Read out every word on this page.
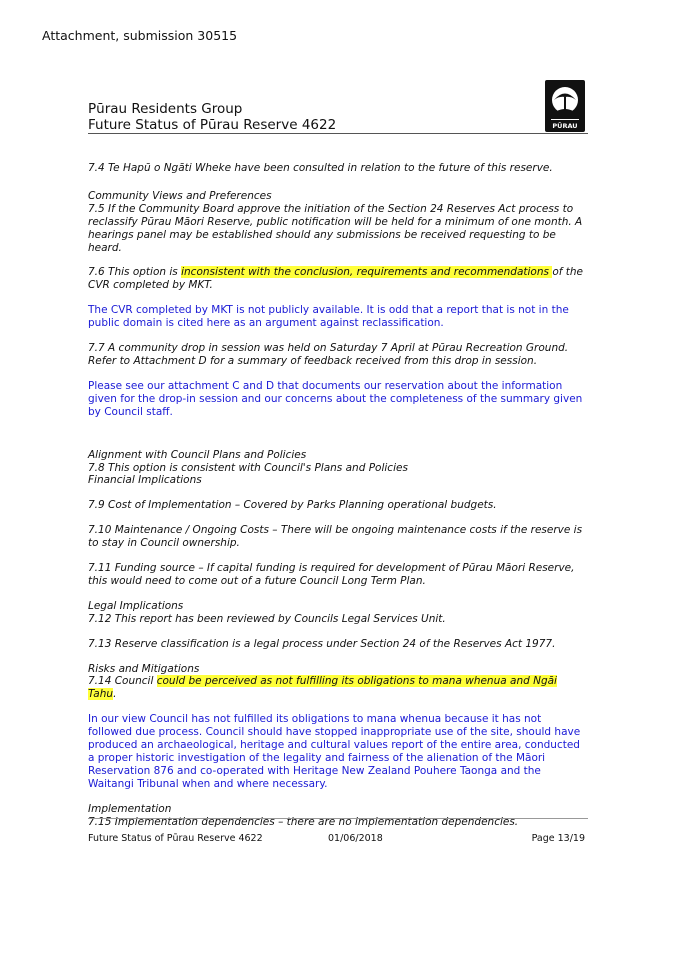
Attachment, submission 30515
Pūrau Residents Group
Future Status of Pūrau Reserve 4622	PŪRAU

7.4 Te Hapū o Ngāti Wheke have been consulted in relation to the future of this reserve.

Community Views and Preferences

7.5 If the Community Board approve the initiation of the Section 24 Reserves Act process to reclassify Pūrau Māori Reserve, public notification will be held for a minimum of one month. A hearings panel may be established should any submissions be received requesting to be heard.

7.6 This option is inconsistent with the conclusion, requirements and recommendations of the CVR completed by MKT.

The CVR completed by MKT is not publicly available. It is odd that a report that is not in the public domain is cited here as an argument against reclassification.

7.7 A community drop in session was held on Saturday 7 April at Pūrau Recreation Ground. Refer to Attachment D for a summary of feedback received from this drop in session.

Please see our attachment C and D that documents our reservation about the information given for the drop-in session and our concerns about the completeness of the summary given by Council staff.

Alignment with Council Plans and Policies

7.8 This option is consistent with Council's Plans and Policies

Financial Implications

7.9 Cost of Implementation – Covered by Parks Planning operational budgets.

7.10 Maintenance / Ongoing Costs – There will be ongoing maintenance costs if the reserve is to stay in Council ownership.

7.11 Funding source – If capital funding is required for development of Pūrau Māori Reserve, this would need to come out of a future Council Long Term Plan.

Legal Implications

7.12 This report has been reviewed by Councils Legal Services Unit.

7.13 Reserve classification is a legal process under Section 24 of the Reserves Act 1977.

Risks and Mitigations

7.14 Council could be perceived as not fulfilling its obligations to mana whenua and Ngāi Tahu.

In our view Council has not fulfilled its obligations to mana whenua because it has not followed due process. Council should have stopped inappropriate use of the site, should have produced an archaeological, heritage and cultural values report of the entire area, conducted a proper historic investigation of the legality and fairness of the alienation of the Māori Reservation 876 and co-operated with Heritage New Zealand Pouhere Taonga and the Waitangi Tribunal when and where necessary.

Implementation

7.15 Implementation dependencies – there are no implementation dependencies.

Future Status of Pūrau Reserve 4622	01/06/2018	Page 13/19
